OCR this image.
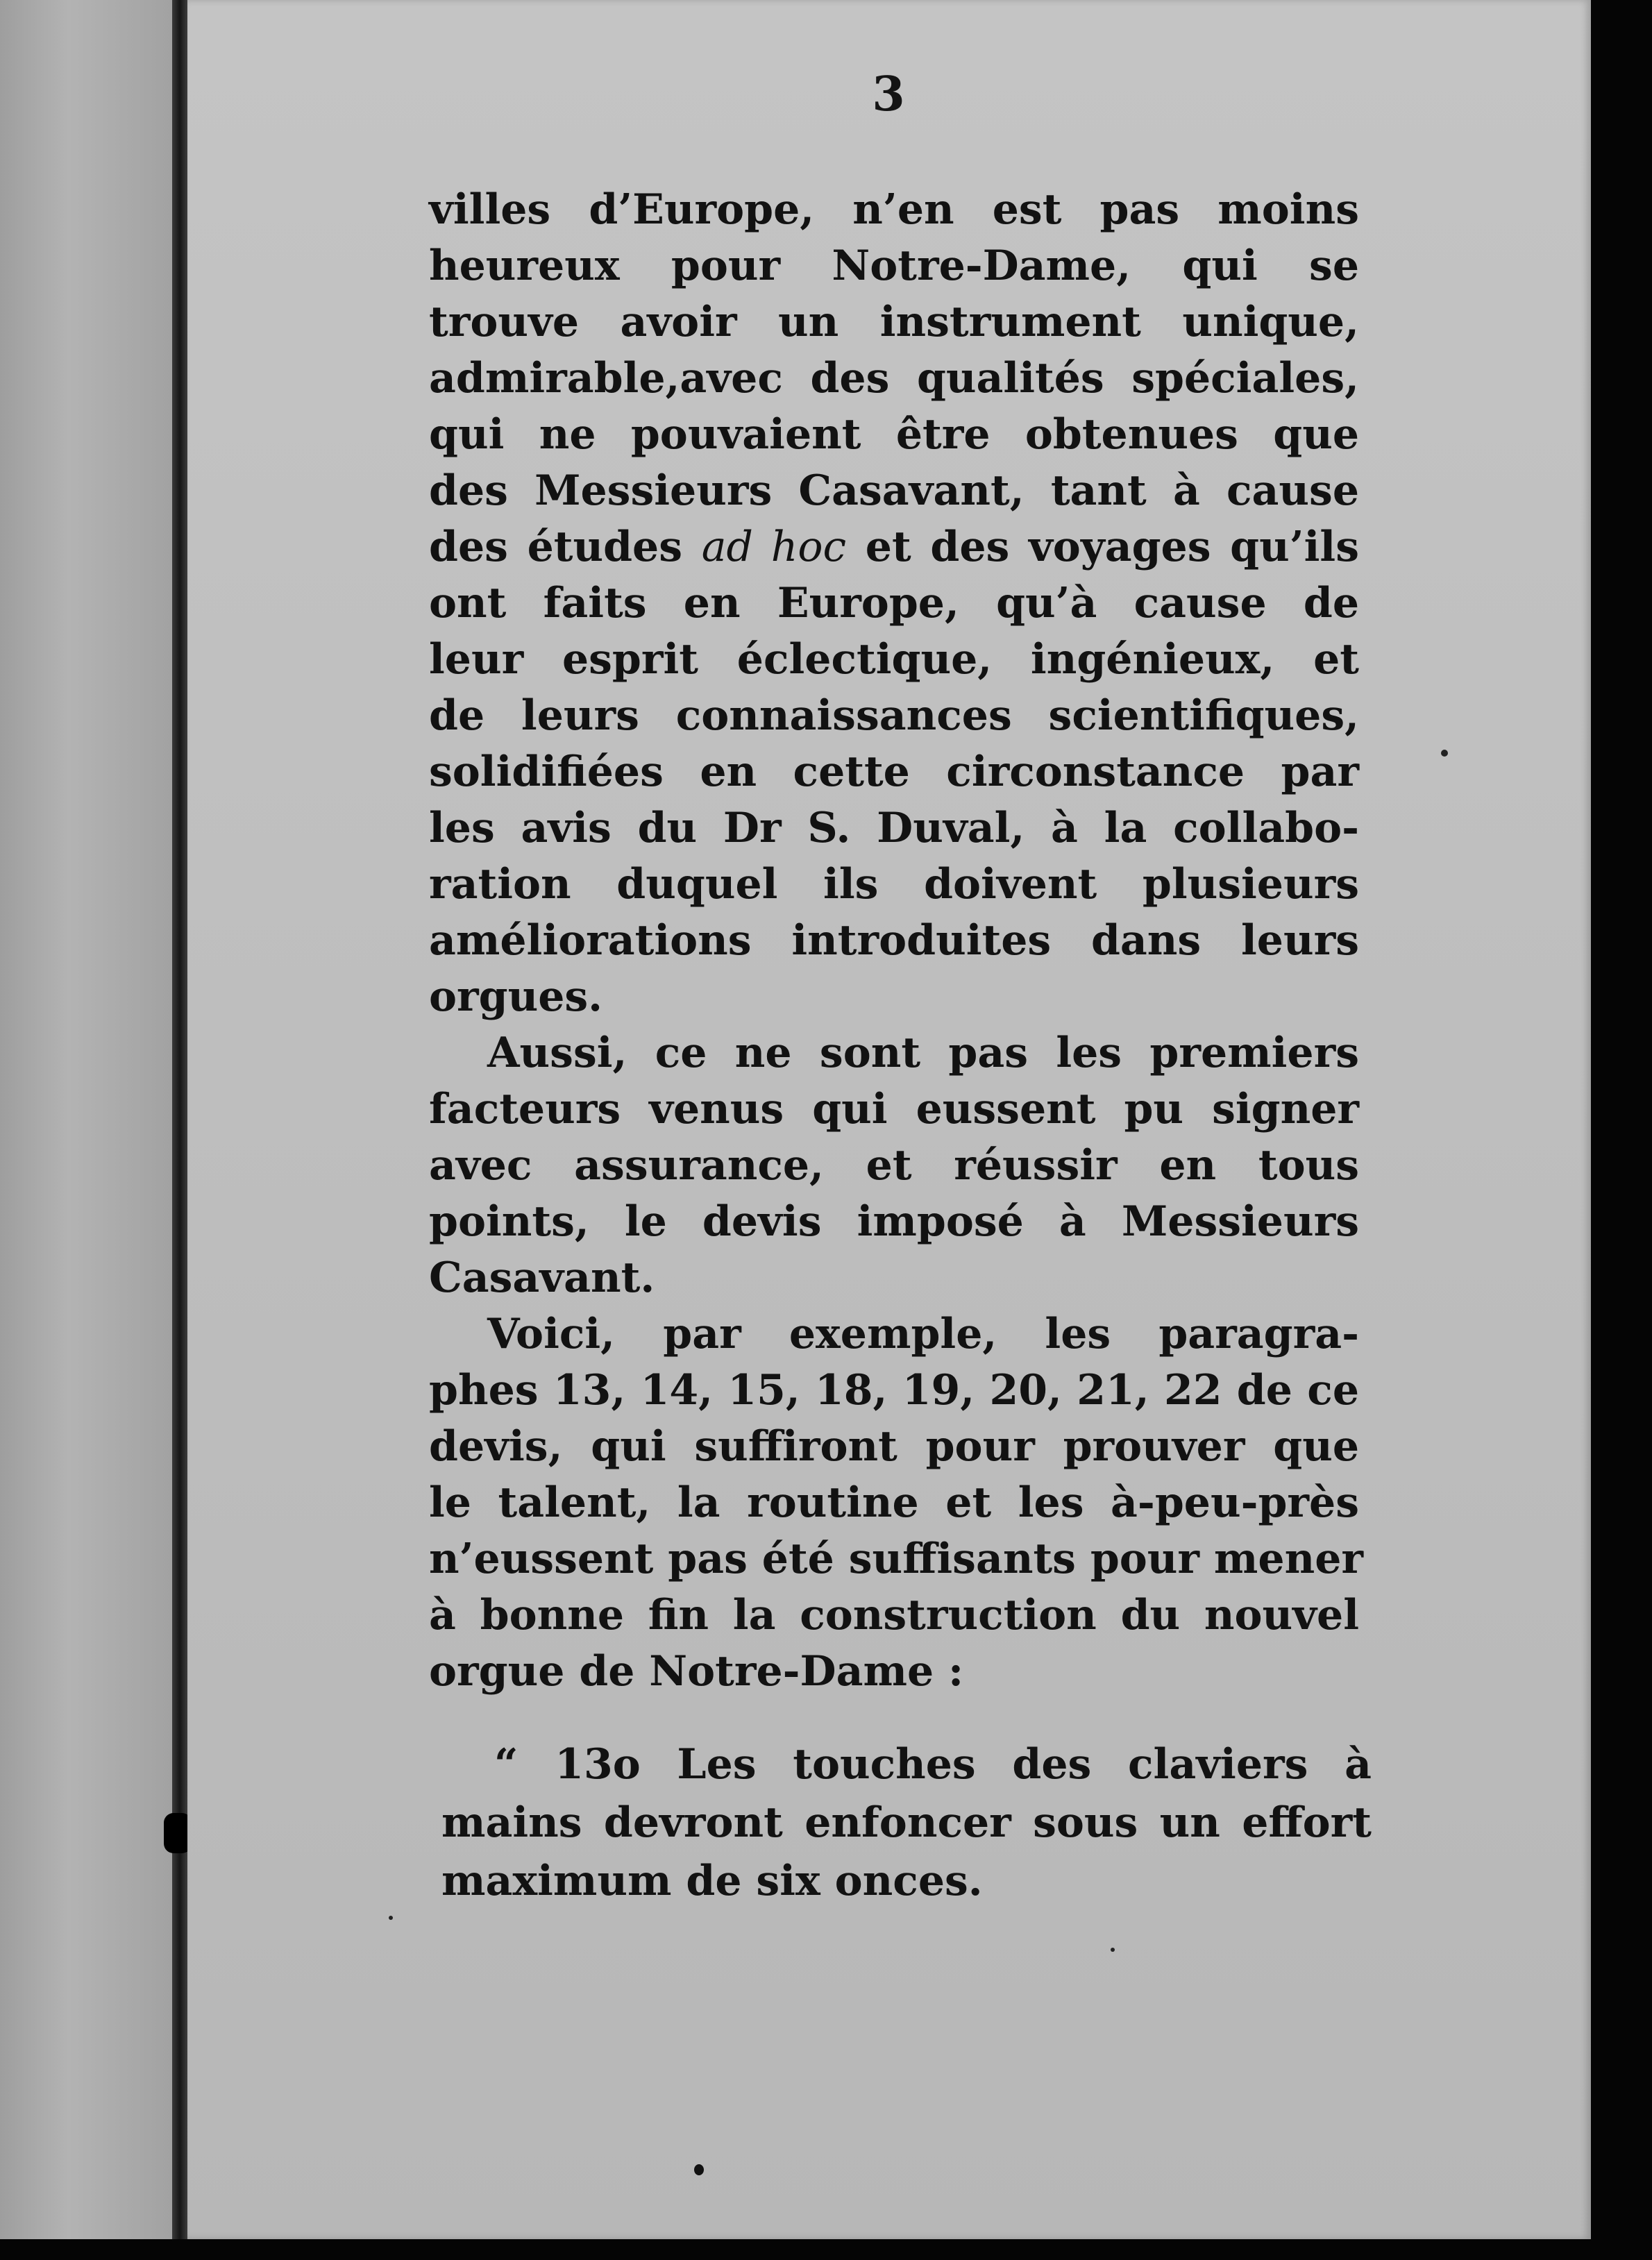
3
villes d’Europe, n’en est pas moins
heureux pour Notre-Dame, qui se
trouve avoir un instrument unique,
admirable,avec des qualités spéciales,
qui ne pouvaient être obtenues que
des Messieurs Casavant, tant à cause
des études ad hoc et des voyages qu’ils
ont faits en Europe, qu’à cause de
leur esprit éclectique, ingénieux, et
de leurs connaissances scientifiques,
solidifiées en cette circonstance par
les avis du Dr S. Duval, à la collabo-
ration duquel ils doivent plusieurs
améliorations introduites dans leurs
orgues.
Aussi, ce ne sont pas les premiers
facteurs venus qui eussent pu signer
avec assurance, et réussir en tous
points, le devis imposé à Messieurs
Casavant.
Voici, par exemple, les paragra-
phes 13, 14, 15, 18, 19, 20, 21, 22 de ce
devis, qui suffiront pour prouver que
le talent, la routine et les à-peu-près
n’eussent pas été suffisants pour mener
à bonne fin la construction du nouvel
orgue de Notre-Dame :
“ 13o Les touches des claviers à
mains devront enfoncer sous un effort
maximum de six onces.
